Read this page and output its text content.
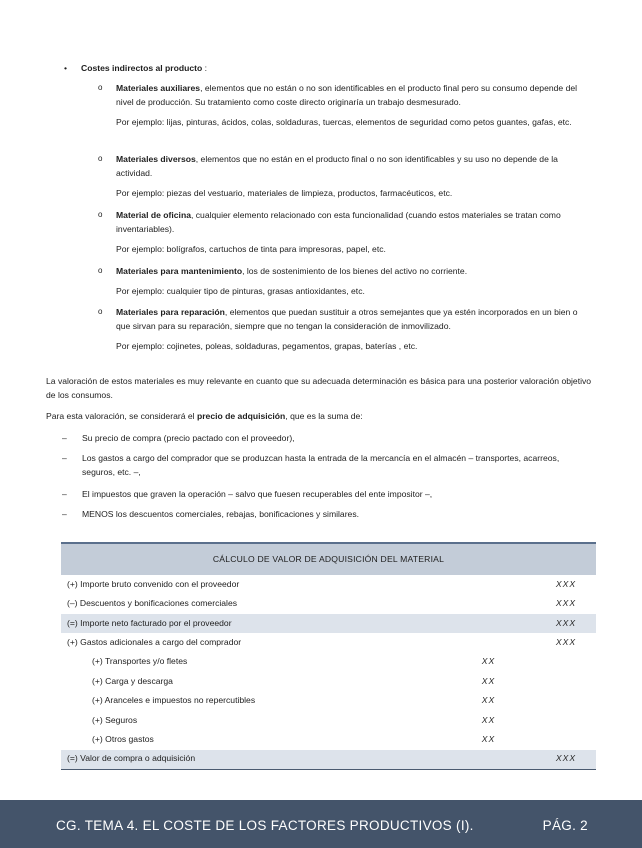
• Costes indirectos al producto :
o Materiales auxiliares, elementos que no están o no son identificables en el producto final pero su consumo depende del nivel de producción. Su tratamiento como coste directo originaría un trabajo desmesurado.

Por ejemplo: lijas, pinturas, ácidos, colas, soldaduras, tuercas, elementos de seguridad como petos guantes, gafas, etc.

o Materiales diversos, elementos que no están en el producto final o no son identificables y su uso no depende de la actividad.

Por ejemplo: piezas del vestuario, materiales de limpieza, productos, farmacéuticos, etc.

o Material de oficina, cualquier elemento relacionado con esta funcionalidad (cuando estos materiales se tratan como inventariables).

Por ejemplo: bolígrafos, cartuchos de tinta para impresoras, papel, etc.

o Materiales para mantenimiento, los de sostenimiento de los bienes del activo no corriente.

Por ejemplo: cualquier tipo de pinturas, grasas antioxidantes, etc.

o Materiales para reparación, elementos que puedan sustituir a otros semejantes que ya estén incorporados en un bien o que sirvan para su reparación, siempre que no tengan la consideración de inmovilizado.

Por ejemplo: cojinetes, poleas, soldaduras, pegamentos, grapas, baterías , etc.

La valoración de estos materiales es muy relevante en cuanto que su adecuada determinación es básica para una posterior valoración objetivo de los consumos.

Para esta valoración, se considerará el precio de adquisición, que es la suma de:

– Su precio de compra (precio pactado con el proveedor),
– Los gastos a cargo del comprador que se produzcan hasta la entrada de la mercancía en el almacén – transportes, acarreos, seguros, etc. –,
– El impuestos que graven la operación – salvo que fuesen recuperables del ente impositor –,
– MENOS los descuentos comerciales, rebajas, bonificaciones y similares.
CÁLCULO DE VALOR DE ADQUISICIÓN DEL MATERIAL		
(+) Importe bruto convenido con el proveedor		XXX
(–) Descuentos y bonificaciones comerciales		XXX
(=) Importe neto facturado por el proveedor		XXX
(+) Gastos adicionales a cargo del comprador		XXX
(+) Transportes y/o fletes	XX	
(+) Carga y descarga	XX	
(+) Aranceles e impuestos no repercutibles	XX	
(+) Seguros	XX	
(+) Otros gastos	XX	
(=) Valor de compra o adquisición		XXX
CG. TEMA 4. EL COSTE DE LOS FACTORES PRODUCTIVOS (I).	PÁG. 2
